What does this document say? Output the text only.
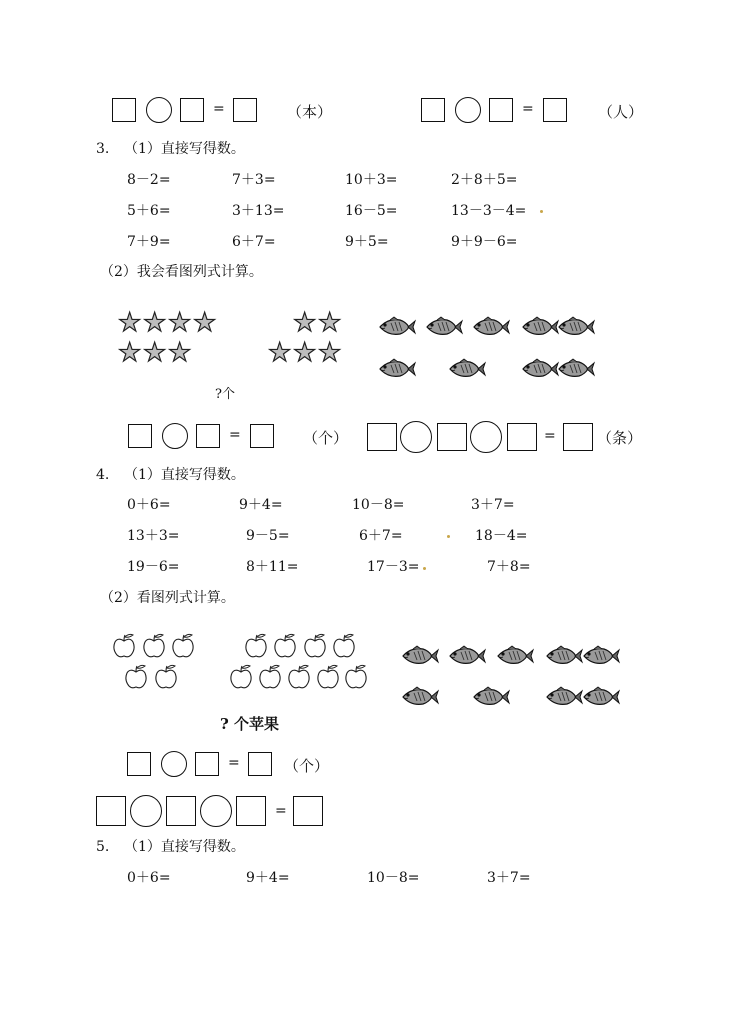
=	（本）	=	（人）
3. （1）直接写得数。
8－2=	7＋3=	10＋3=	2＋8＋5=
5＋6=	3＋13=	16－5=	13－3－4=
7＋9=	6＋7=	9＋5=	9＋9－6=
（2）我会看图列式计算。
★ ★ ★ ★
★ ★ ★
★ ★
★ ★ ★
?个
=	（个）	=	（条）
4. （1）直接写得数。
0＋6=	9＋4=	10－8=	3＋7=
13＋3=	9－5=	6＋7=	18－4=
19－6=	8＋11=	17－3=	7＋8=
（2）看图列式计算。
? 个苹果
=	（个）
=
5. （1）直接写得数。
0＋6=	9＋4=	10－8=	3＋7=
